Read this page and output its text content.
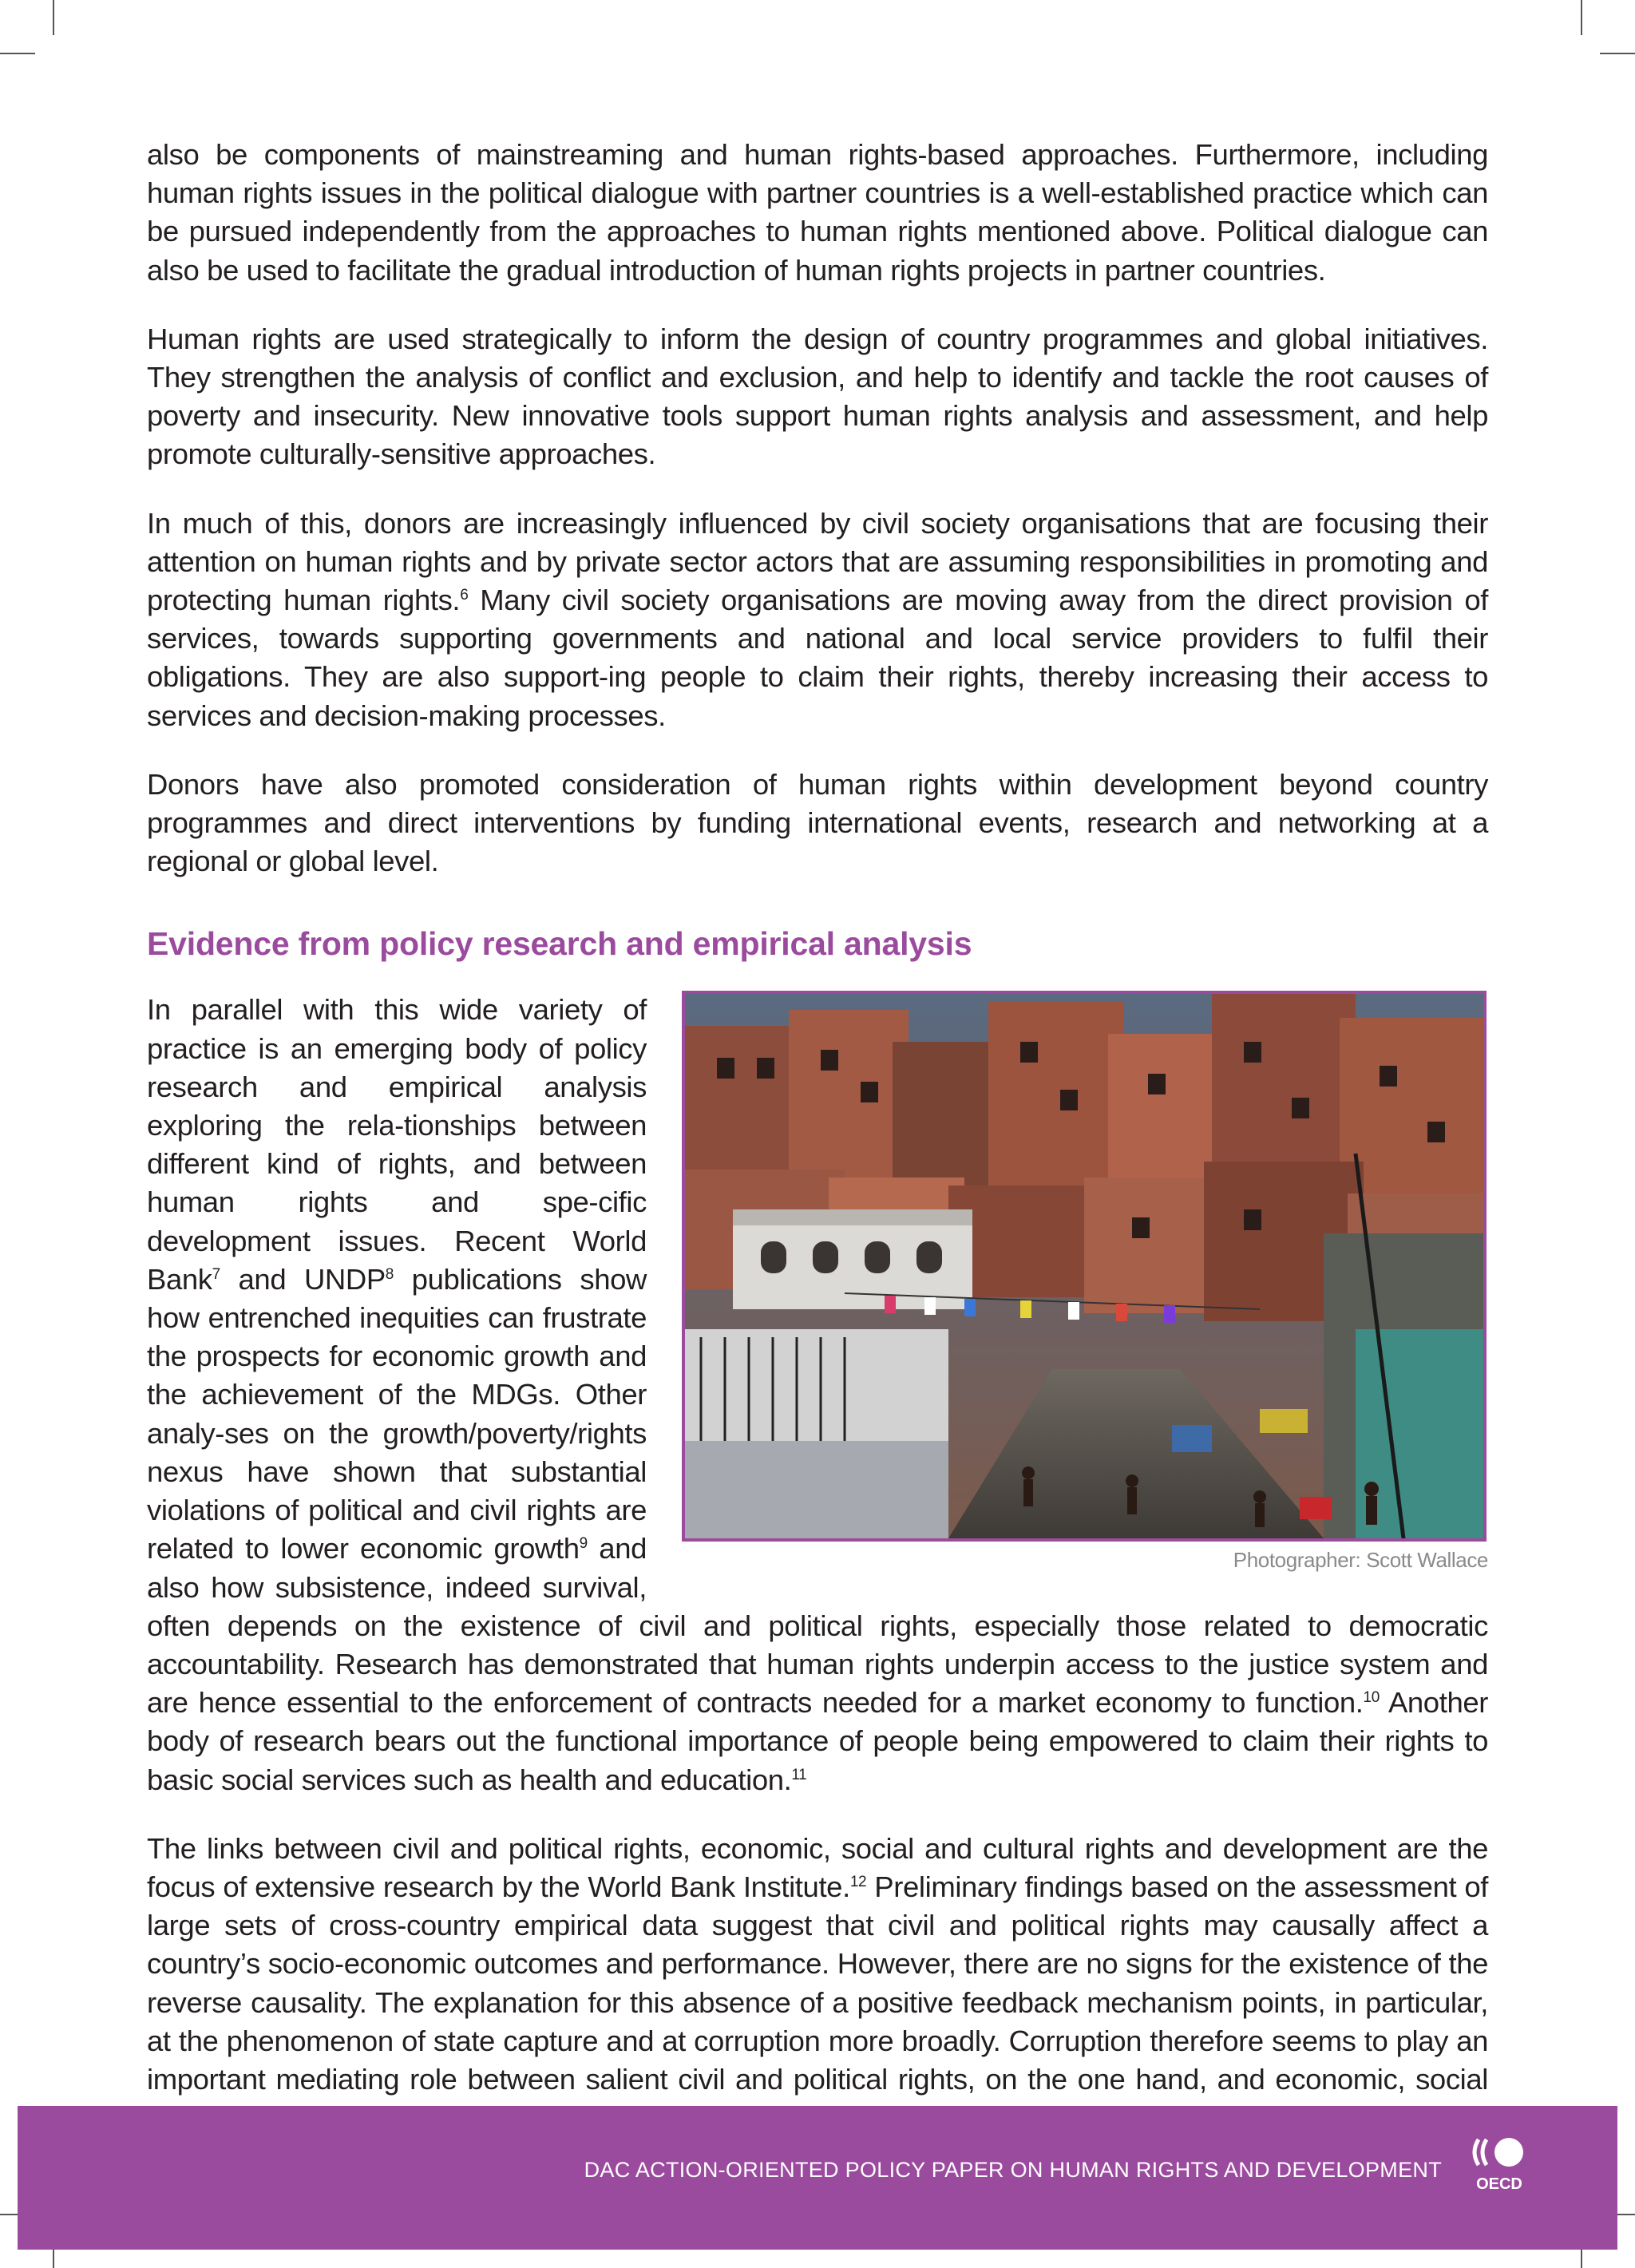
also be components of mainstreaming and human rights-based approaches. Furthermore, including human rights issues in the political dialogue with partner countries is a well-established practice which can be pursued independently from the approaches to human rights mentioned above. Political dialogue can also be used to facilitate the gradual introduction of human rights projects in partner countries.

Human rights are used strategically to inform the design of country programmes and global initiatives. They strengthen the analysis of conflict and exclusion, and help to identify and tackle the root causes of poverty and insecurity. New innovative tools support human rights analysis and assessment, and help promote culturally-sensitive approaches.

In much of this, donors are increasingly influenced by civil society organisations that are focusing their attention on human rights and by private sector actors that are assuming responsibilities in promoting and protecting human rights.$^6$ Many civil society organisations are moving away from the direct provision of services, towards supporting governments and national and local service providers to fulfil their obligations. They are also support-ing people to claim their rights, thereby increasing their access to services and decision-making processes.

Donors have also promoted consideration of human rights within development beyond country programmes and direct interventions by funding international events, research and networking at a regional or global level.

Evidence from policy research and empirical analysis
Photographer: Scott Wallace

In parallel with this wide variety of practice is an emerging body of policy research and empirical analysis exploring the rela-tionships between different kind of rights, and between human rights and spe-cific development issues. Recent World Bank$^7$ and UNDP$^8$ publications show how entrenched inequities can frustrate the prospects for economic growth and the achievement of the MDGs. Other analy-ses on the growth/poverty/rights nexus have shown that substantial violations of political and civil rights are related to lower economic growth$^9$ and also how subsistence, indeed survival, often depends on the existence of civil and political rights, especially those related to democratic accountability. Research has demonstrated that human rights underpin access to the justice system and are hence essential to the enforcement of contracts needed for a market economy to function.$^{10}$ Another body of research bears out the functional importance of people being empowered to claim their rights to basic social services such as health and education.$^{11}$

The links between civil and political rights, economic, social and cultural rights and development are the focus of extensive research by the World Bank Institute.$^{12}$ Preliminary findings based on the assessment of large sets of cross-country empirical data suggest that civil and political rights may causally affect a country’s socio-economic outcomes and performance. However, there are no signs for the existence of the reverse causality. The explanation for this absence of a positive feedback mechanism points, in particular, at the phenomenon of state capture and at corruption more broadly. Corruption therefore seems to play an important mediating role between salient civil and political rights, on the one hand, and economic, social

DAC ACTION-ORIENTED POLICY PAPER ON HUMAN RIGHTS AND DEVELOPMENT
OECD
